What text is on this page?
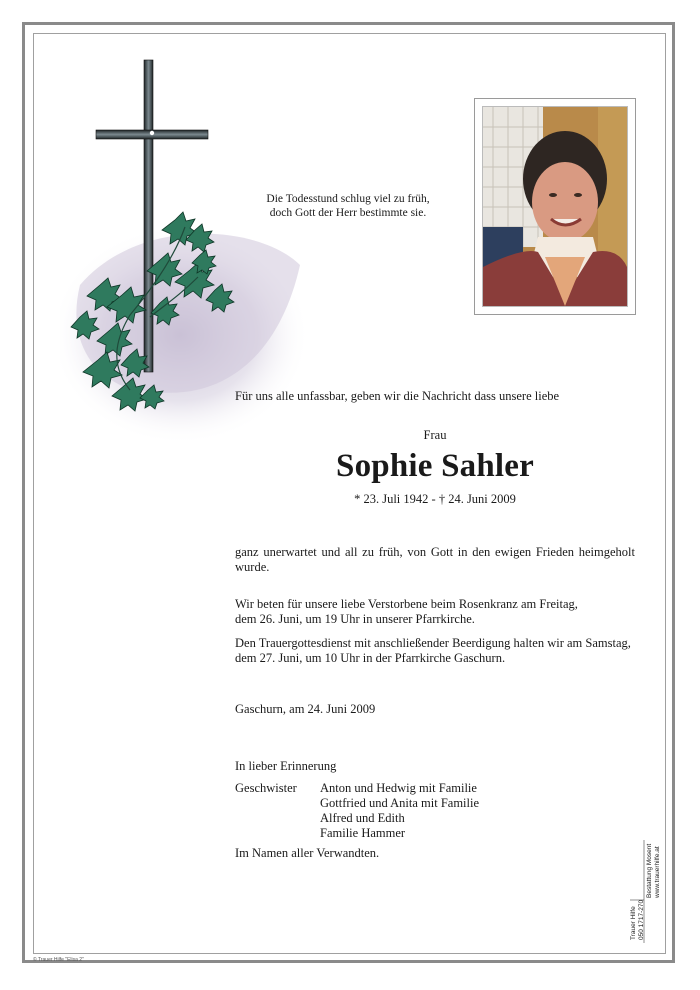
Die Todesstund schlug viel zu früh,
doch Gott der Herr bestimmte sie.
Für uns alle unfassbar, geben wir die Nachricht dass unsere liebe
Frau
Sophie Sahler
* 23. Juli 1942 - † 24. Juni 2009
ganz unerwartet und all zu früh, von Gott in den ewigen Frieden heimgeholt wurde.
Wir beten für unsere liebe Verstorbene beim Rosenkranz am Freitag,
dem 26. Juni, um 19 Uhr in unserer Pfarrkirche.
Den Trauergottesdienst mit anschließender Beerdigung halten wir am Samstag,
dem 27. Juni, um 10 Uhr in der Pfarrkirche Gaschurn.
Gaschurn, am 24. Juni 2009
In lieber Erinnerung
Geschwister Anton und Hedwig mit Familie
Gottfried und Anita mit Familie
Alfred und Edith
Familie Hammer
Im Namen aller Verwandten.
Trauer Hilfe 050 1717-270
Bestattung Mosent www.trauerhilfe.at
© Trauer Hilfe "Elisa 2"
